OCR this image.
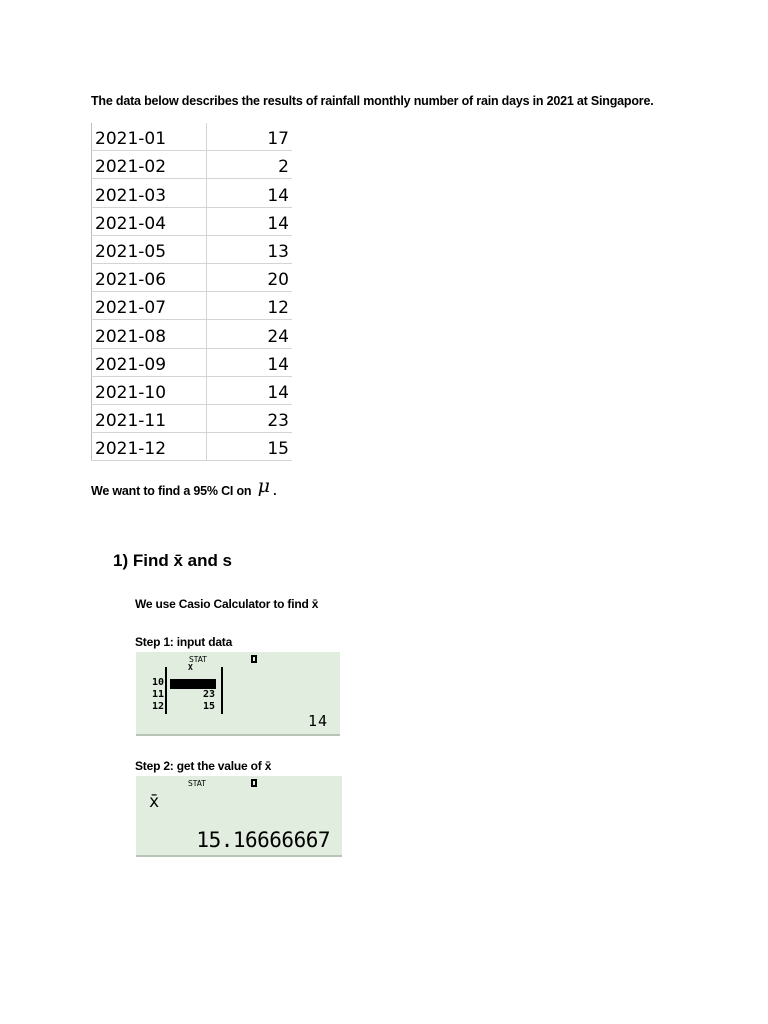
The data below describes the results of rainfall monthly number of rain days in 2021 at Singapore.
2021-01	17
2021-02	2
2021-03	14
2021-04	14
2021-05	13
2021-06	20
2021-07	12
2021-08	24
2021-09	14
2021-10	14
2021-11	23
2021-12	15
We want to find a 95% CI on μ .
1) Find x̄ and s
We use Casio Calculator to find x̄
Step 1: input data
STAT
X
10
11	23
12	15
14
Step 2: get the value of x̄
STAT
x̄
15.16666667
